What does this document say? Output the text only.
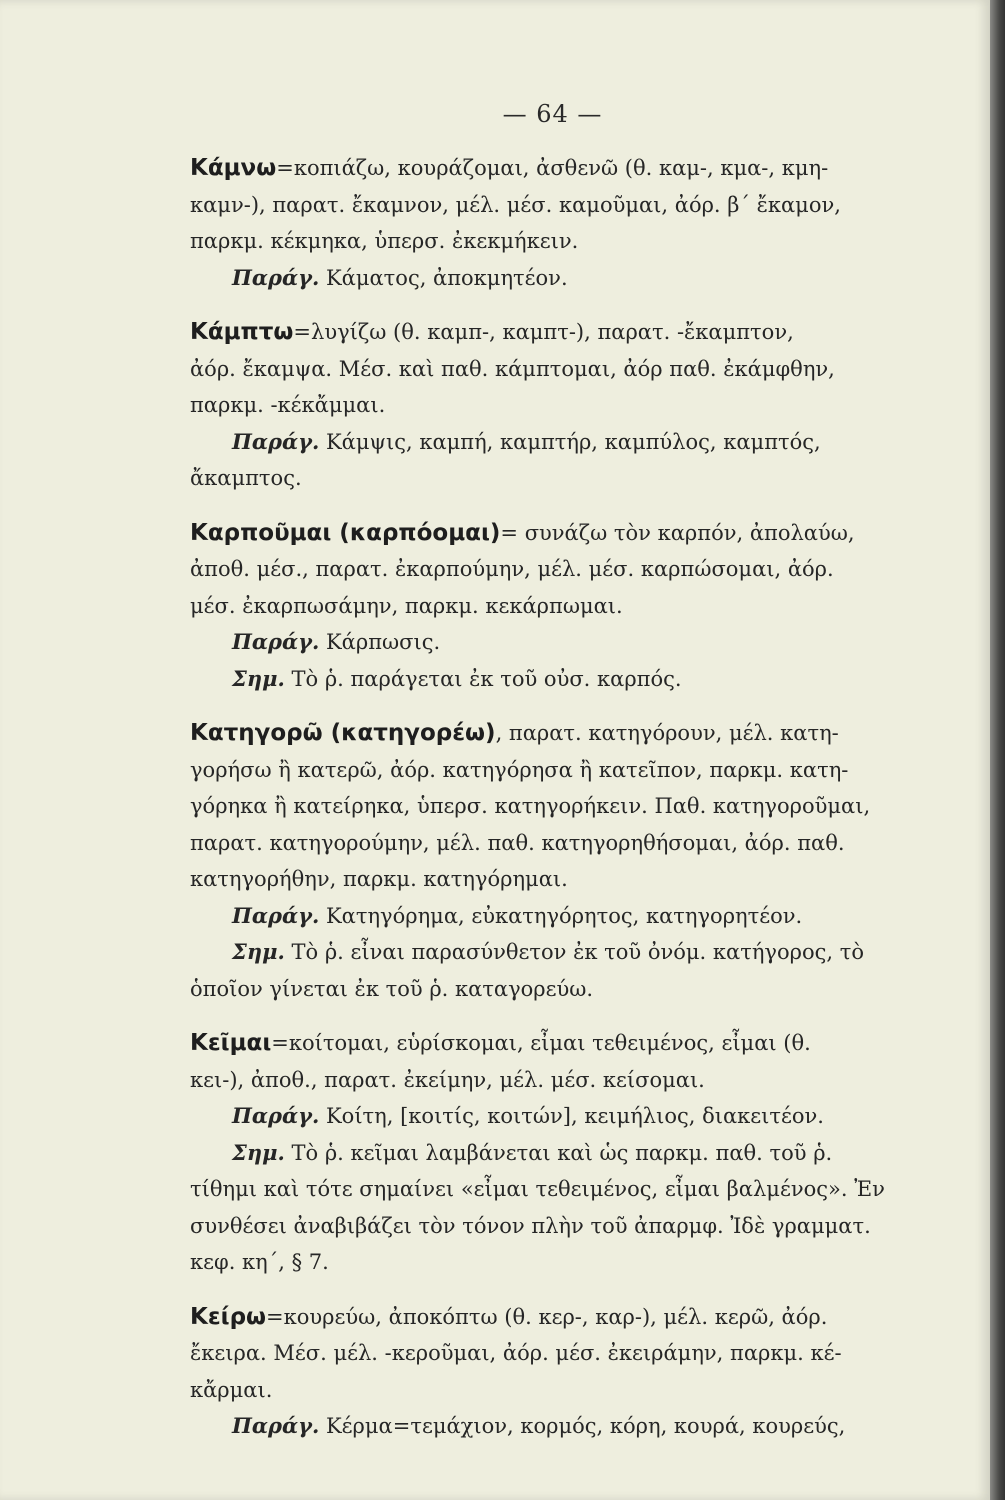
— 64 —
Κάμνω=κοπιάζω, κουράζομαι, ἀσθενῶ (θ. καμ-, κμα-, κμη-
καμν-), παρατ. ἔκαμνον, μέλ. μέσ. καμοῦμαι, ἀόρ. β΄ ἔκαμον,
παρκμ. κέκμηκα, ὑπερσ. ἐκεκμήκειν.
Παράγ. Κάματος, ἀποκμητέον.
Κάμπτω=λυγίζω (θ. καμπ-, καμπτ-), παρατ. -ἔκαμπτον,
ἀόρ. ἔκαμψα. Μέσ. καὶ παθ. κάμπτομαι, ἀόρ παθ. ἐκάμφθην,
παρκμ. -κέκἄμμαι.
Παράγ. Κάμψις, καμπή, καμπτήρ, καμπύλος, καμπτός,
ἄκαμπτος.
Καρποῦμαι (καρπόομαι)= συνάζω τὸν καρπόν, ἀπολαύω,
ἀποθ. μέσ., παρατ. ἐκαρπούμην, μέλ. μέσ. καρπώσομαι, ἀόρ.
μέσ. ἐκαρπωσάμην, παρκμ. κεκάρπωμαι.
Παράγ. Κάρπωσις.
Σημ. Τὸ ῥ. παράγεται ἐκ τοῦ οὐσ. καρπός.
Κατηγορῶ (κατηγορέω), παρατ. κατηγόρουν, μέλ. κατη-
γορήσω ἢ κατερῶ, ἀόρ. κατηγόρησα ἢ κατεῖπον, παρκμ. κατη-
γόρηκα ἢ κατείρηκα, ὑπερσ. κατηγορήκειν. Παθ. κατηγοροῦμαι,
παρατ. κατηγορούμην, μέλ. παθ. κατηγορηθήσομαι, ἀόρ. παθ.
κατηγορήθην, παρκμ. κατηγόρημαι.
Παράγ. Κατηγόρημα, εὐκατηγόρητος, κατηγορητέον.
Σημ. Τὸ ῥ. εἶναι παρασύνθετον ἐκ τοῦ ὀνόμ. κατήγορος, τὸ
ὁποῖον γίνεται ἐκ τοῦ ῥ. καταγορεύω.
Κεῖμαι=κοίτομαι, εὑρίσκομαι, εἶμαι τεθειμένος, εἶμαι (θ.
κει-), ἀποθ., παρατ. ἐκείμην, μέλ. μέσ. κείσομαι.
Παράγ. Κοίτη, [κοιτίς, κοιτών], κειμήλιος, διακειτέον.
Σημ. Τὸ ῥ. κεῖμαι λαμβάνεται καὶ ὡς παρκμ. παθ. τοῦ ῥ.
τίθημι καὶ τότε σημαίνει «εἶμαι τεθειμένος, εἶμαι βαλμένος». Ἐν
συνθέσει ἀναβιβάζει τὸν τόνον πλὴν τοῦ ἀπαρμφ. Ἰδὲ γραμματ.
κεφ. κη΄, § 7.
Κείρω=κουρεύω, ἀποκόπτω (θ. κερ-, καρ-), μέλ. κερῶ, ἀόρ.
ἔκειρα. Μέσ. μέλ. -κεροῦμαι, ἀόρ. μέσ. ἐκειράμην, παρκμ. κέ-
κἄρμαι.
Παράγ. Κέρμα=τεμάχιον, κορμός, κόρη, κουρά, κουρεύς,
